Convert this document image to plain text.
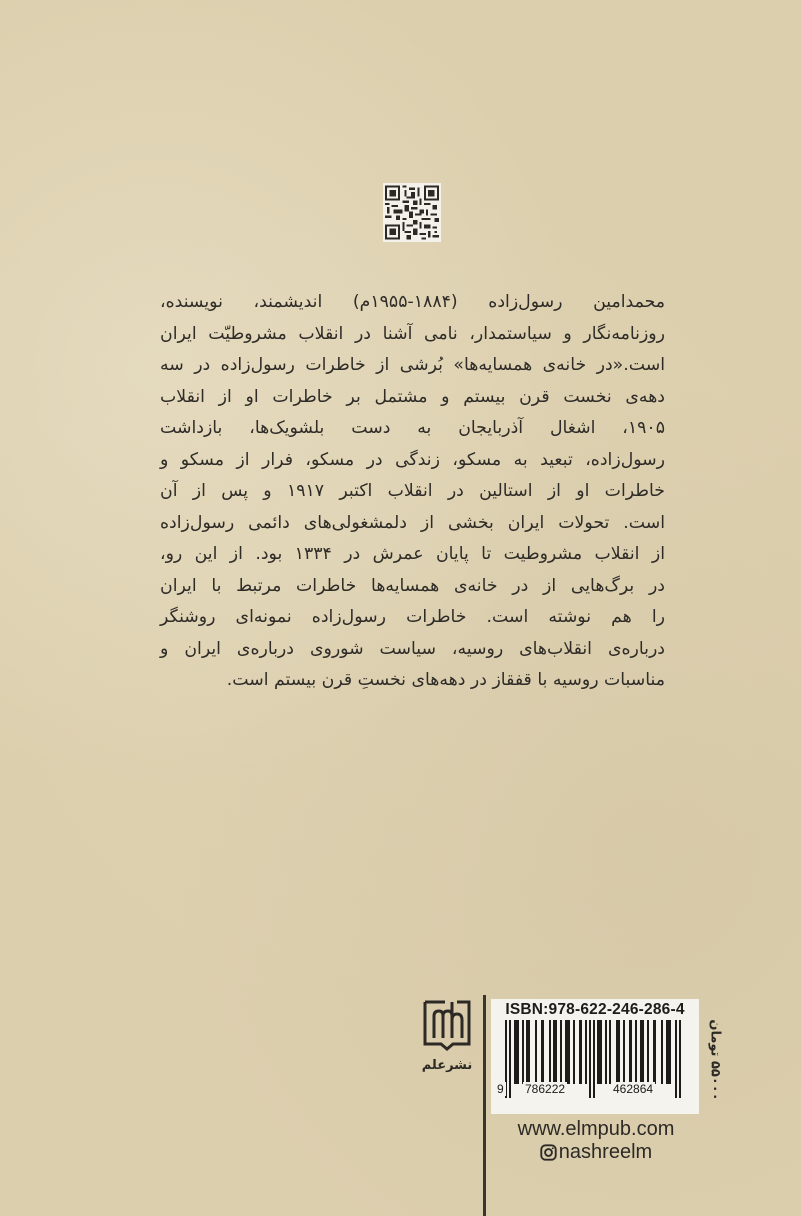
محمدامین رسول‌زاده (۱۸۸۴-۱۹۵۵م) اندیشمند، نویسنده،
روزنامه‌نگار و سیاستمدار، نامی آشنا در انقلاب مشروطیّت ایران
است.«در خانه‌ی همسایه‌ها» بُرشی از خاطرات رسول‌زاده در سه
دهه‌ی نخست قرن بیستم و مشتمل بر خاطرات او از انقلاب
۱۹۰۵، اشغال آذربایجان به دست بلشویک‌ها، بازداشت
رسول‌زاده، تبعید به مسکو، زندگی در مسکو، فرار از مسکو و
خاطرات او از استالین در انقلاب اکتبر ۱۹۱۷ و پس از آن
است. تحولات ایران بخشی از دلمشغولی‌های دائمی رسول‌زاده
از انقلاب مشروطیت تا پایان عمرش در ۱۳۳۴ بود. از این رو،
در برگ‌هایی از در خانه‌ی همسایه‌ها خاطرات مرتبط با ایران
را هم نوشته است. خاطرات رسول‌زاده نمونه‌ای روشنگر
درباره‌ی انقلاب‌های روسیه، سیاست شوروی درباره‌ی ایران و
مناسبات روسیه با قفقاز در دهه‌های نخستِ قرن بیستم است.
نشرعلم
ISBN:978-622-246-286-4
9 786222	462864
۵۵۰۰۰ تومان
www.elmpub.com
nashreelm
